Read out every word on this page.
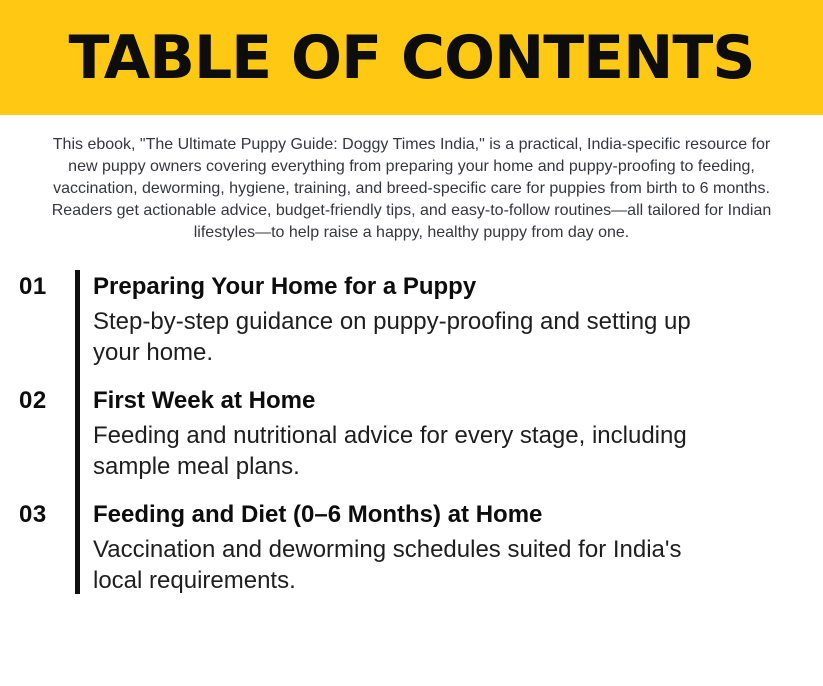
TABLE OF CONTENTS

This ebook, "The Ultimate Puppy Guide: Doggy Times India," is a practical, India-specific resource for
new puppy owners covering everything from preparing your home and puppy-proofing to feeding,
vaccination, deworming, hygiene, training, and breed-specific care for puppies from birth to 6 months.
Readers get actionable advice, budget-friendly tips, and easy-to-follow routines—all tailored for Indian
lifestyles—to help raise a happy, healthy puppy from day one.

01 Preparing Your Home for a Puppy

Step-by-step guidance on puppy-proofing and setting up
your home.

02 First Week at Home

Feeding and nutritional advice for every stage, including
sample meal plans.

03 Feeding and Diet (0–6 Months) at Home

Vaccination and deworming schedules suited for India's
local requirements.
